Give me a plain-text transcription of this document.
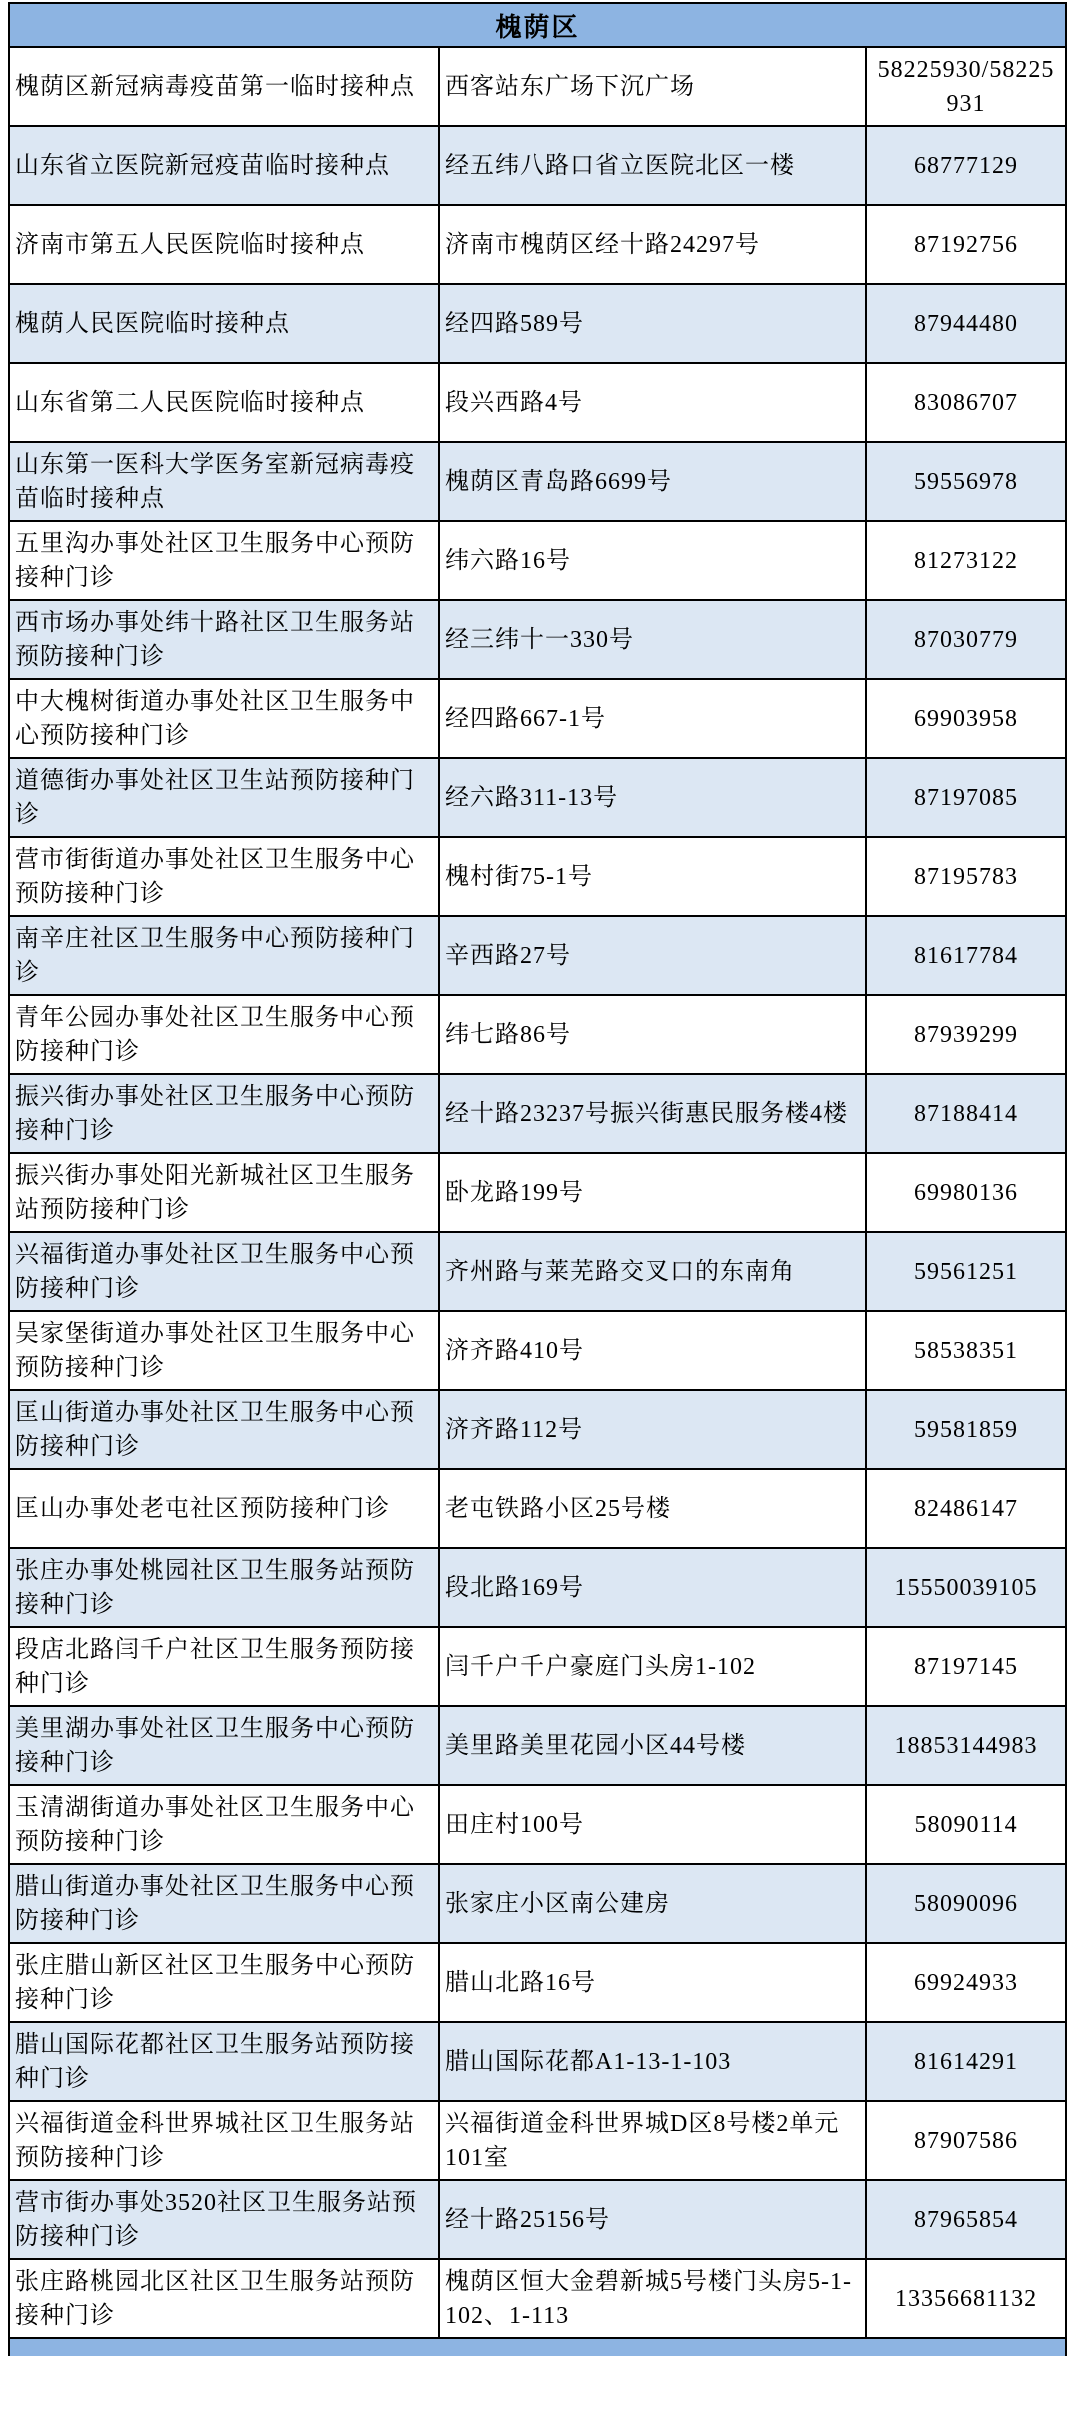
槐荫区		
槐荫区新冠病毒疫苗第一临时接种点	西客站东广场下沉广场	58225930/58225931
山东省立医院新冠疫苗临时接种点	经五纬八路口省立医院北区一楼	68777129
济南市第五人民医院临时接种点	济南市槐荫区经十路24297号	87192756
槐荫人民医院临时接种点	经四路589号	87944480
山东省第二人民医院临时接种点	段兴西路4号	83086707
山东第一医科大学医务室新冠病毒疫苗临时接种点	槐荫区青岛路6699号	59556978
五里沟办事处社区卫生服务中心预防接种门诊	纬六路16号	81273122
西市场办事处纬十路社区卫生服务站预防接种门诊	经三纬十一330号	87030779
中大槐树街道办事处社区卫生服务中心预防接种门诊	经四路667-1号	69903958
道德街办事处社区卫生站预防接种门诊	经六路311-13号	87197085
营市街街道办事处社区卫生服务中心预防接种门诊	槐村街75-1号	87195783
南辛庄社区卫生服务中心预防接种门诊	辛西路27号	81617784
青年公园办事处社区卫生服务中心预防接种门诊	纬七路86号	87939299
振兴街办事处社区卫生服务中心预防接种门诊	经十路23237号振兴街惠民服务楼4楼	87188414
振兴街办事处阳光新城社区卫生服务站预防接种门诊	卧龙路199号	69980136
兴福街道办事处社区卫生服务中心预防接种门诊	齐州路与莱芜路交叉口的东南角	59561251
吴家堡街道办事处社区卫生服务中心预防接种门诊	济齐路410号	58538351
匡山街道办事处社区卫生服务中心预防接种门诊	济齐路112号	59581859
匡山办事处老屯社区预防接种门诊	老屯铁路小区25号楼	82486147
张庄办事处桃园社区卫生服务站预防接种门诊	段北路169号	15550039105
段店北路闫千户社区卫生服务预防接种门诊	闫千户千户豪庭门头房1-102	87197145
美里湖办事处社区卫生服务中心预防接种门诊	美里路美里花园小区44号楼	18853144983
玉清湖街道办事处社区卫生服务中心预防接种门诊	田庄村100号	58090114
腊山街道办事处社区卫生服务中心预防接种门诊	张家庄小区南公建房	58090096
张庄腊山新区社区卫生服务中心预防接种门诊	腊山北路16号	69924933
腊山国际花都社区卫生服务站预防接种门诊	腊山国际花都A1-13-1-103	81614291
兴福街道金科世界城社区卫生服务站预防接种门诊	兴福街道金科世界城D区8号楼2单元101室	87907586
营市街办事处3520社区卫生服务站预防接种门诊	经十路25156号	87965854
张庄路桃园北区社区卫生服务站预防接种门诊	槐荫区恒大金碧新城5号楼门头房5-1-102、1-113	13356681132
